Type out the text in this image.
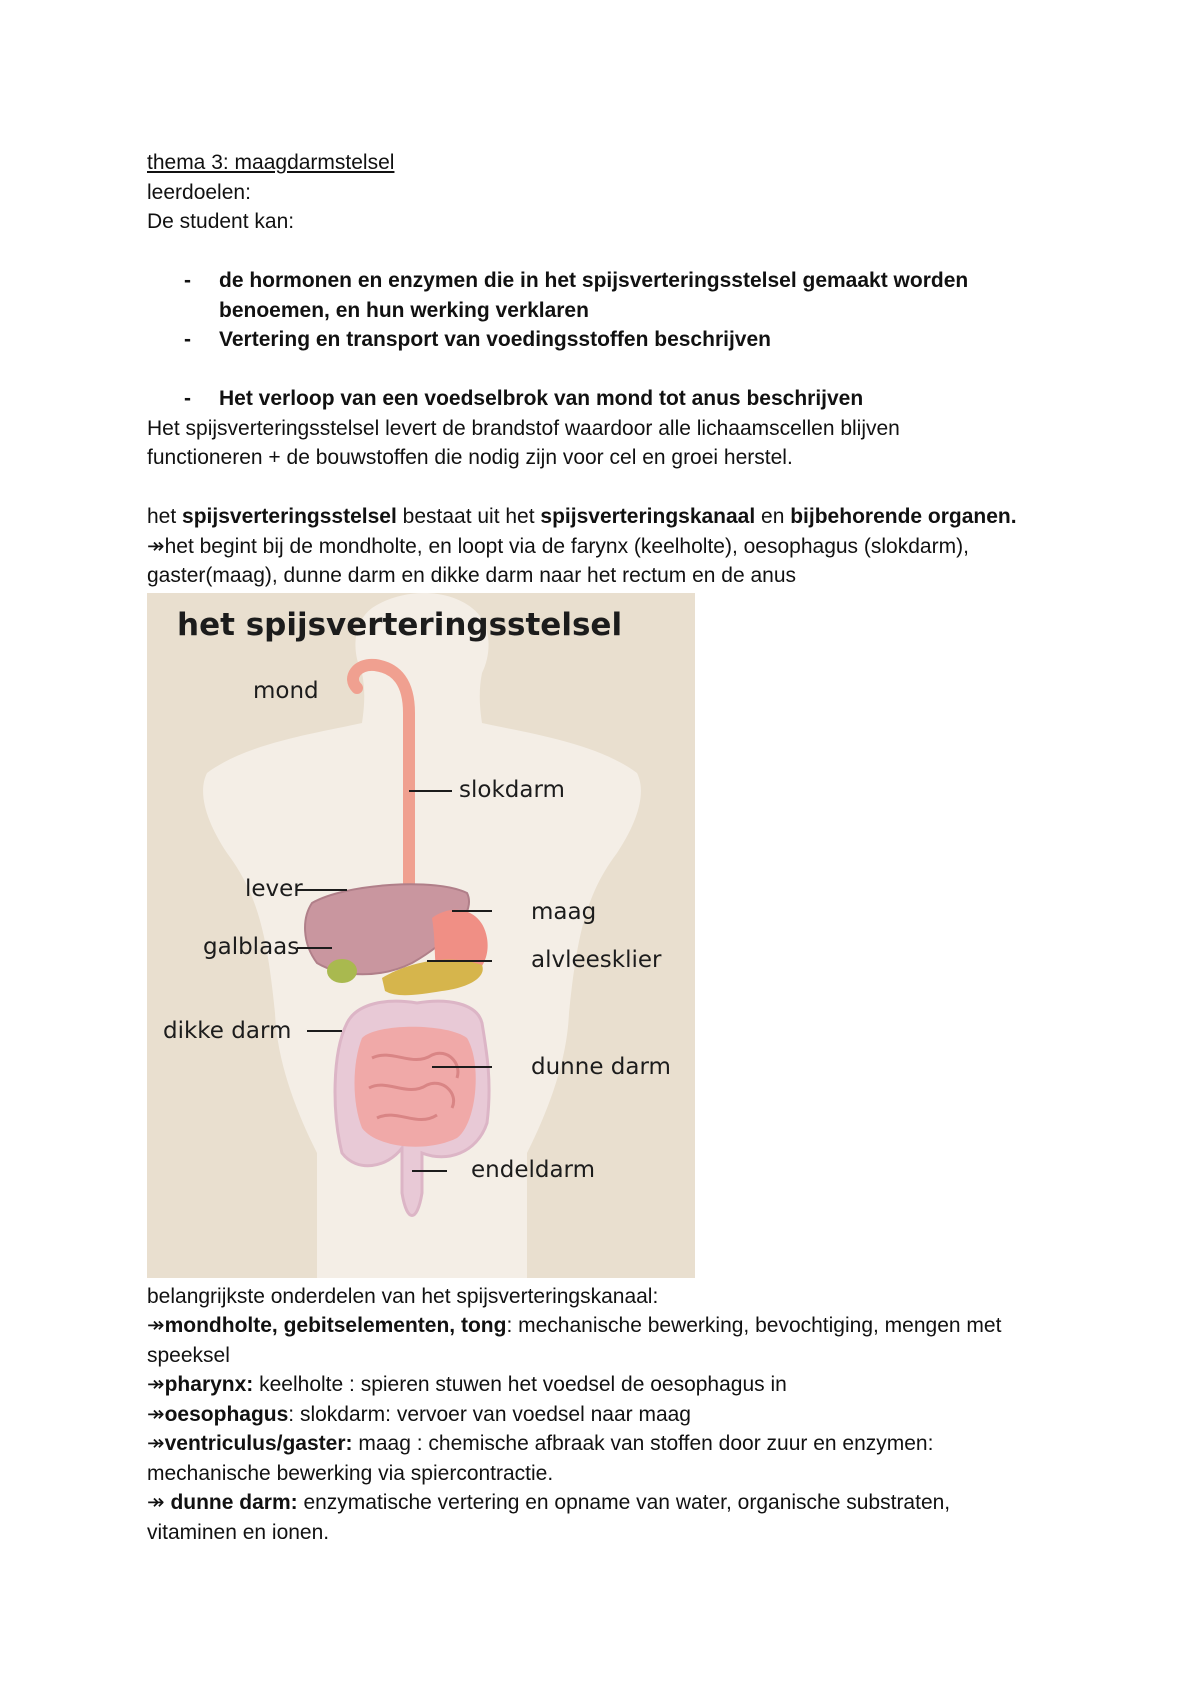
thema 3: maagdarmstelsel
leerdoelen:
De student kan:
- de hormonen en enzymen die in het spijsverteringsstelsel gemaakt worden benoemen, en hun werking verklaren
- Vertering en transport van voedingsstoffen beschrijven
- Het verloop van een voedselbrok van mond tot anus beschrijven
Het spijsverteringsstelsel levert de brandstof waardoor alle lichaamscellen blijven
functioneren + de bouwstoffen die nodig zijn voor cel en groei herstel.
het spijsverteringsstelsel bestaat uit het spijsverteringskanaal en bijbehorende organen.
↠het begint bij de mondholte, en loopt via de farynx (keelholte), oesophagus (slokdarm),
gaster(maag), dunne darm en dikke darm naar het rectum en de anus
het spijsverteringsstelsel
mond
slokdarm
lever
maag
galblaas	alvleesklier
dikke darm
dunne darm
endeldarm
belangrijkste onderdelen van het spijsverteringskanaal:
↠mondholte, gebitselementen, tong: mechanische bewerking, bevochtiging, mengen met
speeksel
↠pharynx: keelholte : spieren stuwen het voedsel de oesophagus in
↠oesophagus: slokdarm: vervoer van voedsel naar maag
↠ventriculus/gaster: maag : chemische afbraak van stoffen door zuur en enzymen:
mechanische bewerking via spiercontractie.
↠ dunne darm: enzymatische vertering en opname van water, organische substraten,
vitaminen en ionen.
